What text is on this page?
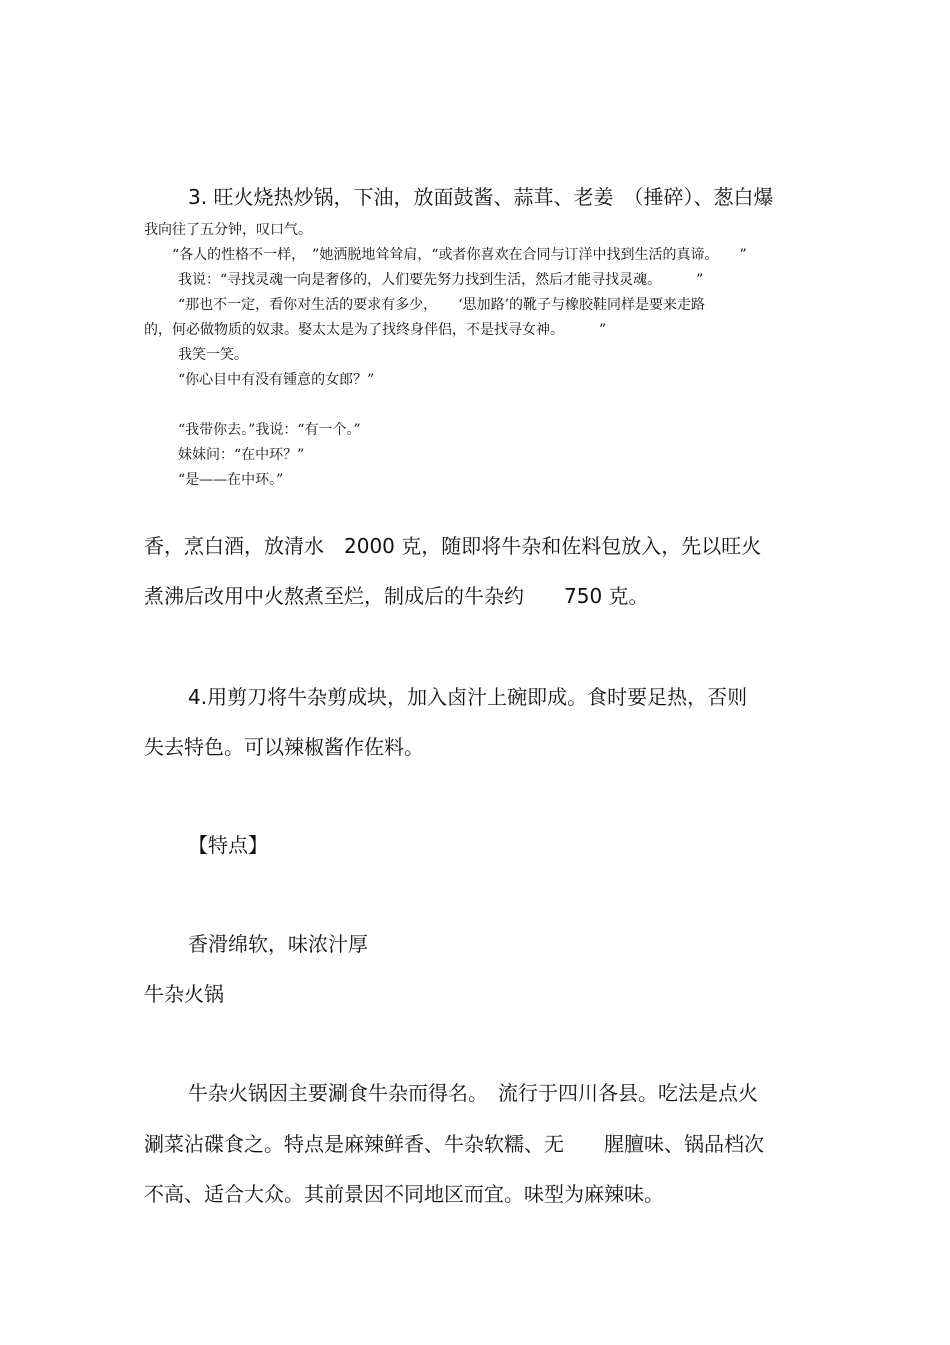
3. 旺火烧热炒锅，下油，放面鼓酱、蒜茸、老姜　（捶碎）、葱白爆
我向往了五分钟，叹口气。
“各人的性格不一样，　”她洒脱地耸耸肩，“或者你喜欢在合同与订洋中找到生活的真谛。　　”
我说：“寻找灵魂一向是奢侈的，人们要先努力找到生活，然后才能寻找灵魂。　　　”
“那也不一定，看你对生活的要求有多少，　　‘思加路’的靴子与橡胶鞋同样是要来走路
的，何必做物质的奴隶。娶太太是为了找终身伴侣，不是找寻女神。　　　”
我笑一笑。
“你心目中有没有锺意的女郎？”
“我带你去。”我说：“有一个。”
妹妹问：“在中环？”
“是——在中环。”
香，烹白酒，放清水　2000 克，随即将牛杂和佐料包放入，先以旺火
煮沸后改用中火熬煮至烂，制成后的牛杂约　　750 克。
4.用剪刀将牛杂剪成块，加入卤汁上碗即成。食时要足热，否则
失去特色。可以辣椒酱作佐料。
【特点】
香滑绵软，味浓汁厚
牛杂火锅
牛杂火锅因主要涮食牛杂而得名。　流行于四川各县。吃法是点火
涮菜沾碟食之。特点是麻辣鲜香、牛杂软糯、无　　腥膻味、锅品档次
不高、适合大众。其前景因不同地区而宜。味型为麻辣味。
